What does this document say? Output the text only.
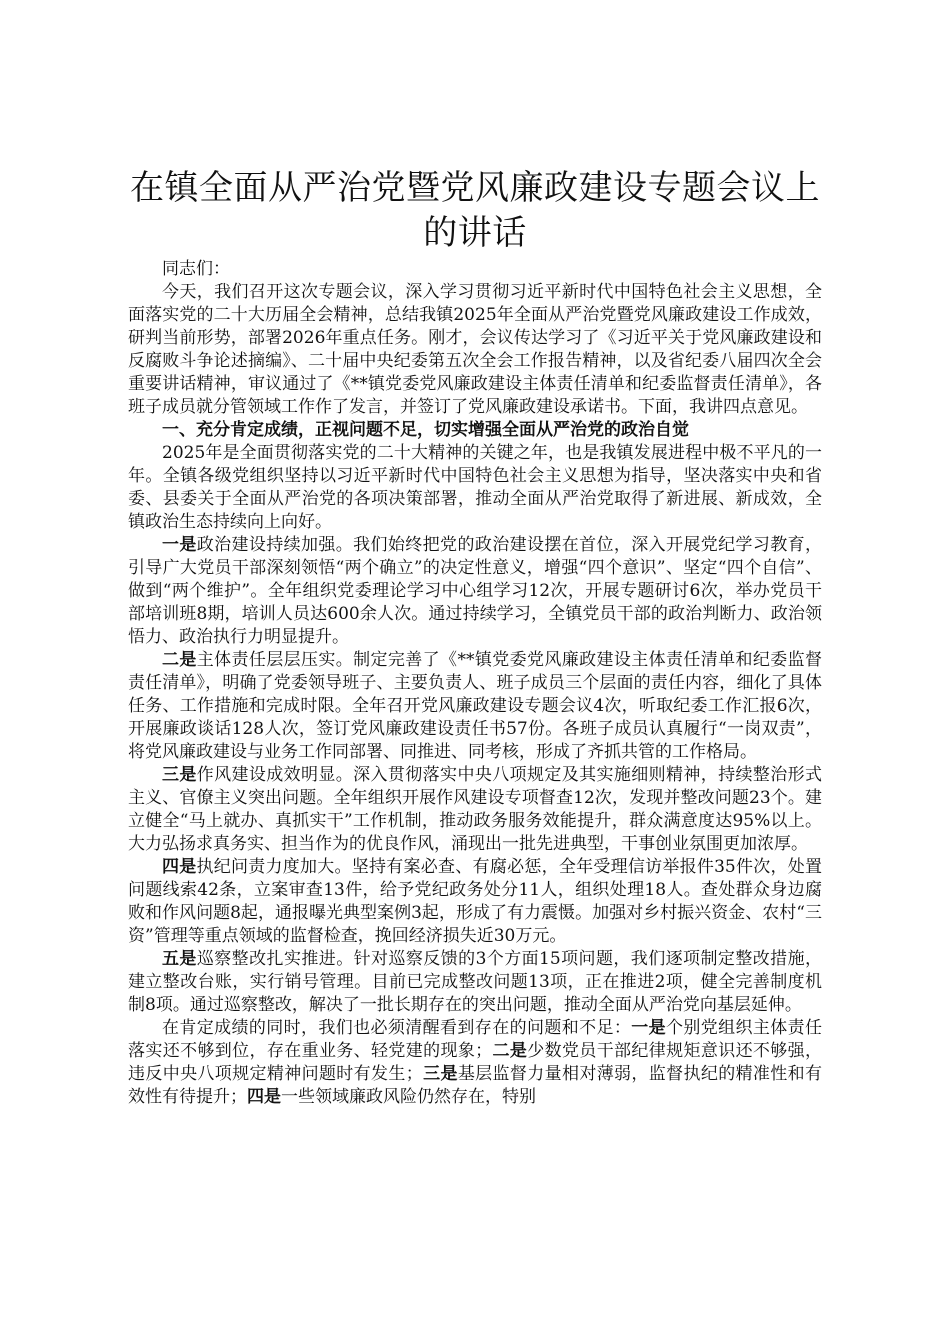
在镇全面从严治党暨党风廉政建设专题会议上的讲话

同志们：

今天，我们召开这次专题会议，深入学习贯彻习近平新时代中国特色社会主义思想，全面落实党的二十大历届全会精神，总结我镇2025年全面从严治党暨党风廉政建设工作成效，研判当前形势，部署2026年重点任务。刚才，会议传达学习了《习近平关于党风廉政建设和反腐败斗争论述摘编》、二十届中央纪委第五次全会工作报告精神，以及省纪委八届四次全会重要讲话精神，审议通过了《**镇党委党风廉政建设主体责任清单和纪委监督责任清单》，各班子成员就分管领域工作作了发言，并签订了党风廉政建设承诺书。下面，我讲四点意见。

一、充分肯定成绩，正视问题不足，切实增强全面从严治党的政治自觉

2025年是全面贯彻落实党的二十大精神的关键之年，也是我镇发展进程中极不平凡的一年。全镇各级党组织坚持以习近平新时代中国特色社会主义思想为指导，坚决落实中央和省委、县委关于全面从严治党的各项决策部署，推动全面从严治党取得了新进展、新成效，全镇政治生态持续向上向好。

一是政治建设持续加强。我们始终把党的政治建设摆在首位，深入开展党纪学习教育，引导广大党员干部深刻领悟“两个确立”的决定性意义，增强“四个意识”、坚定“四个自信”、做到“两个维护”。全年组织党委理论学习中心组学习12次，开展专题研讨6次，举办党员干部培训班8期，培训人员达600余人次。通过持续学习，全镇党员干部的政治判断力、政治领悟力、政治执行力明显提升。

二是主体责任层层压实。制定完善了《**镇党委党风廉政建设主体责任清单和纪委监督责任清单》，明确了党委领导班子、主要负责人、班子成员三个层面的责任内容，细化了具体任务、工作措施和完成时限。全年召开党风廉政建设专题会议4次，听取纪委工作汇报6次，开展廉政谈话128人次，签订党风廉政建设责任书57份。各班子成员认真履行“一岗双责”，将党风廉政建设与业务工作同部署、同推进、同考核，形成了齐抓共管的工作格局。

三是作风建设成效明显。深入贯彻落实中央八项规定及其实施细则精神，持续整治形式主义、官僚主义突出问题。全年组织开展作风建设专项督查12次，发现并整改问题23个。建立健全“马上就办、真抓实干”工作机制，推动政务服务效能提升，群众满意度达95%以上。大力弘扬求真务实、担当作为的优良作风，涌现出一批先进典型，干事创业氛围更加浓厚。

四是执纪问责力度加大。坚持有案必查、有腐必惩，全年受理信访举报件35件次，处置问题线索42条，立案审查13件，给予党纪政务处分11人，组织处理18人。查处群众身边腐败和作风问题8起，通报曝光典型案例3起，形成了有力震慑。加强对乡村振兴资金、农村“三资”管理等重点领域的监督检查，挽回经济损失近30万元。

五是巡察整改扎实推进。针对巡察反馈的3个方面15项问题，我们逐项制定整改措施，建立整改台账，实行销号管理。目前已完成整改问题13项，正在推进2项，健全完善制度机制8项。通过巡察整改，解决了一批长期存在的突出问题，推动全面从严治党向基层延伸。

在肯定成绩的同时，我们也必须清醒看到存在的问题和不足：一是个别党组织主体责任落实还不够到位，存在重业务、轻党建的现象；二是少数党员干部纪律规矩意识还不够强，违反中央八项规定精神问题时有发生；三是基层监督力量相对薄弱，监督执纪的精准性和有效性有待提升；四是一些领域廉政风险仍然存在，特别
